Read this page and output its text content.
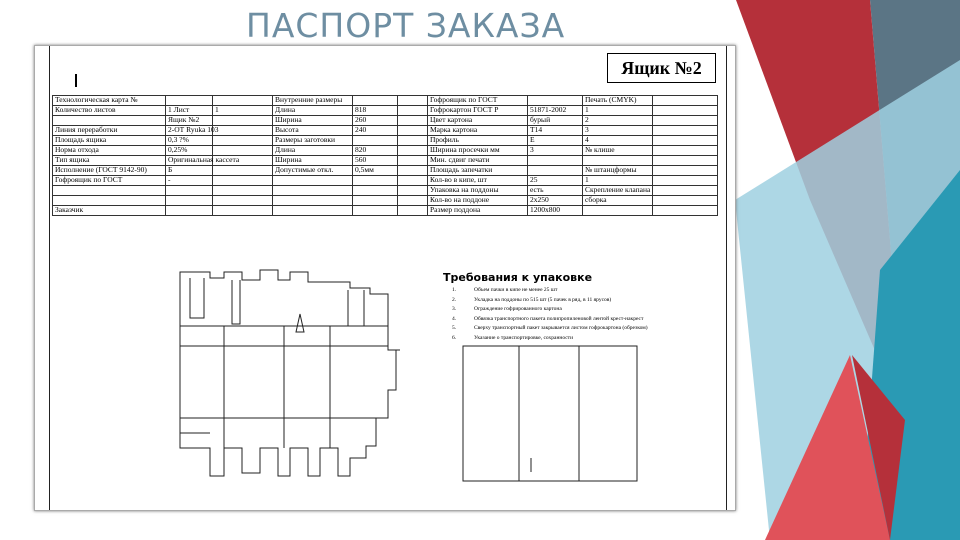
ПАСПОРТ ЗАКАЗА
Ящик №2
Технологическая карта №			Внутренние размеры			Гофроящик по ГОСТ		Печать (CMYK)	
Количество листов	1 Лист	1	Длина	818		Гофрокартон ГОСТ Р	51871-2002	1	
	Ящик №2		Ширина	260		Цвет картона	бурый	2	
Линия переработки	2-ОТ Ryuka 103		Высота	240		Марка картона	Т14	3	
Площадь ящика	0,3 ?%		Размеры заготовки			Профиль	E	4	
Норма отхода	0,25%		Длина	820		Ширина просечки мм	3	№ клише	
Тип ящика	Оригинальная кассета		Ширина	560		Мин. сдвиг печати			
Исполнение (ГОСТ 9142-90)	Б		Допустимые откл.	0,5мм		Площадь запечатки		№ штанцформы	
Гофроящик по ГОСТ	-					Кол-во в кипе, шт	25	1	
						Упаковка на поддоны	есть	Скрепление клапана	
						Кол-во на поддоне	2х250	сборка	
Заказчик						Размер поддона	1200х800		
Требования к упаковке
1.	Объем пачки в кипе не менее 25 шт
2.	Укладка на поддоны по 515 шт (5 пачек в ряд, в 11 ярусов)
3.	Ограждение гофрированного картона
4.	Обвязка транспортного пакета полипропиленовой лентой крест-накрест
5.	Сверху транспортный пакет закрывается листом гофрокартона (обрезком)
6.	Указание о транспортировке, сохранности
